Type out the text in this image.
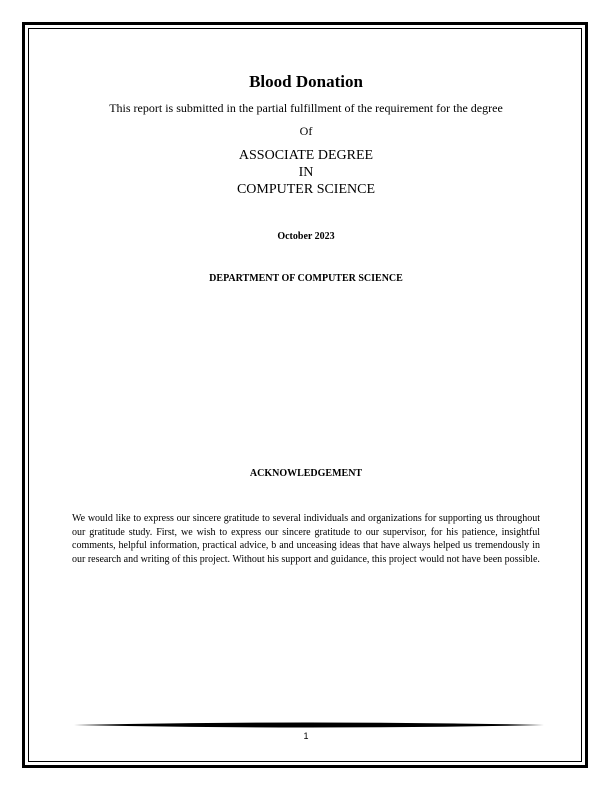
Blood Donation
This report is submitted in the partial fulfillment of the requirement for the degree
Of
ASSOCIATE DEGREE
IN
COMPUTER SCIENCE
October 2023
DEPARTMENT OF COMPUTER SCIENCE
ACKNOWLEDGEMENT
We would like to express our sincere gratitude to several individuals and organizations for supporting us throughout our gratitude study. First, we wish to express our sincere gratitude to our supervisor, for his patience, insightful comments, helpful information, practical advice, b and unceasing ideas that have always helped us tremendously in our research and writing of this project. Without his support and guidance, this project would not have been possible.
1
